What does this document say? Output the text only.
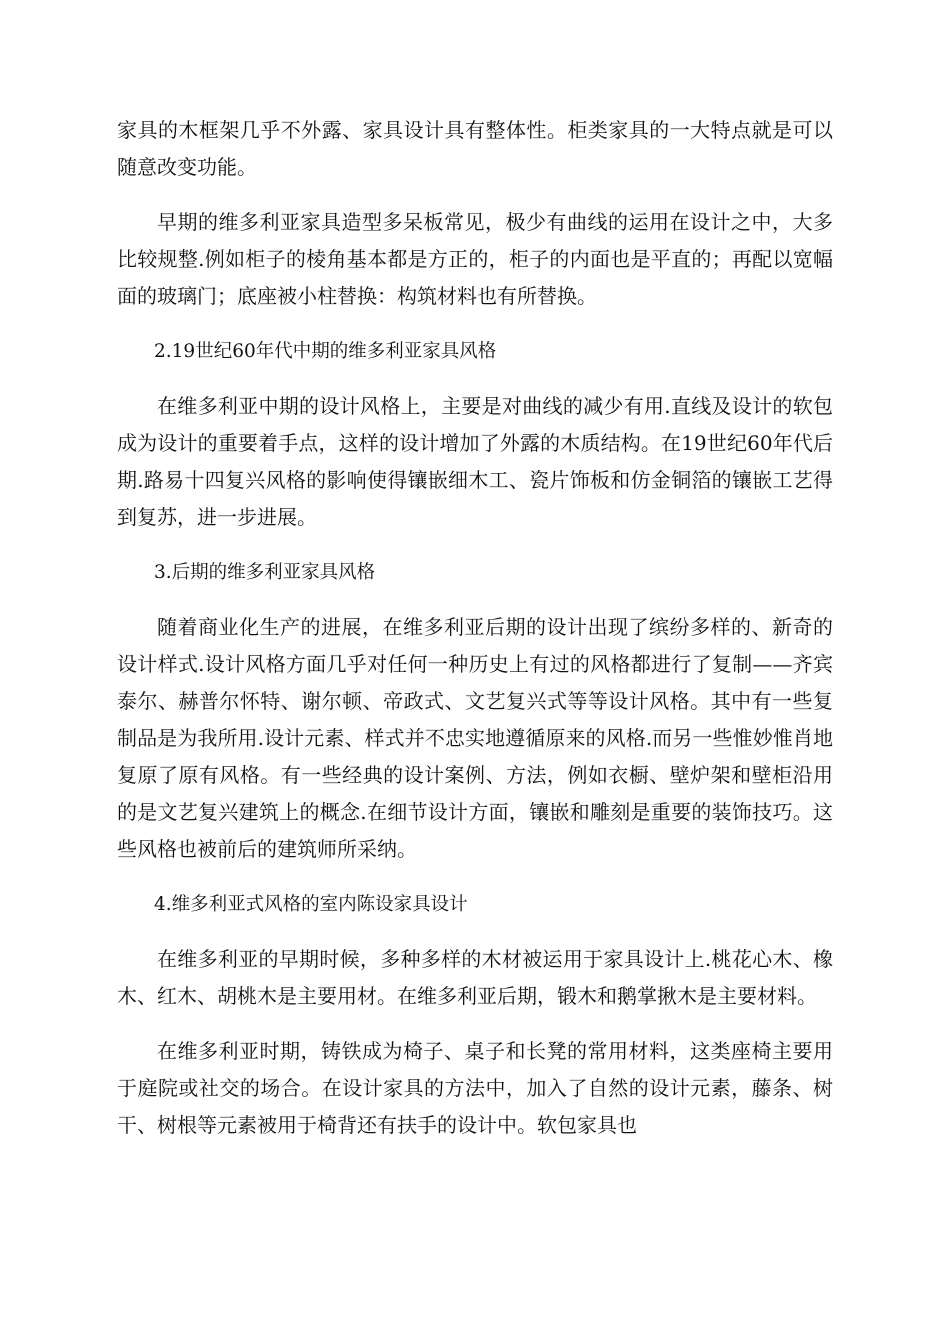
家具的木框架几乎不外露、家具设计具有整体性。柜类家具的一大特点就是可以随意改变功能。

早期的维多利亚家具造型多呆板常见，极少有曲线的运用在设计之中，大多比较规整.例如柜子的棱角基本都是方正的，柜子的内面也是平直的；再配以宽幅面的玻璃门；底座被小柱替换：构筑材料也有所替换。

2.19世纪60年代中期的维多利亚家具风格

在维多利亚中期的设计风格上，主要是对曲线的减少有用.直线及设计的软包成为设计的重要着手点，这样的设计增加了外露的木质结构。在19世纪60年代后期.路易十四复兴风格的影响使得镶嵌细木工、瓷片饰板和仿金铜箔的镶嵌工艺得到复苏，进一步进展。

3.后期的维多利亚家具风格

随着商业化生产的进展，在维多利亚后期的设计出现了缤纷多样的、新奇的设计样式.设计风格方面几乎对任何一种历史上有过的风格都进行了复制——齐宾泰尔、赫普尔怀特、谢尔顿、帝政式、文艺复兴式等等设计风格。其中有一些复制品是为我所用.设计元素、样式并不忠实地遵循原来的风格.而另一些惟妙惟肖地复原了原有风格。有一些经典的设计案例、方法，例如衣橱、壁炉架和壁柜沿用的是文艺复兴建筑上的概念.在细节设计方面，镶嵌和雕刻是重要的装饰技巧。这些风格也被前后的建筑师所采纳。

4.维多利亚式风格的室内陈设家具设计

在维多利亚的早期时候，多种多样的木材被运用于家具设计上.桃花心木、橡木、红木、胡桃木是主要用材。在维多利亚后期，锻木和鹅掌揪木是主要材料。

在维多利亚时期，铸铁成为椅子、桌子和长凳的常用材料，这类座椅主要用于庭院或社交的场合。在设计家具的方法中，加入了自然的设计元素，藤条、树干、树根等元素被用于椅背还有扶手的设计中。软包家具也
